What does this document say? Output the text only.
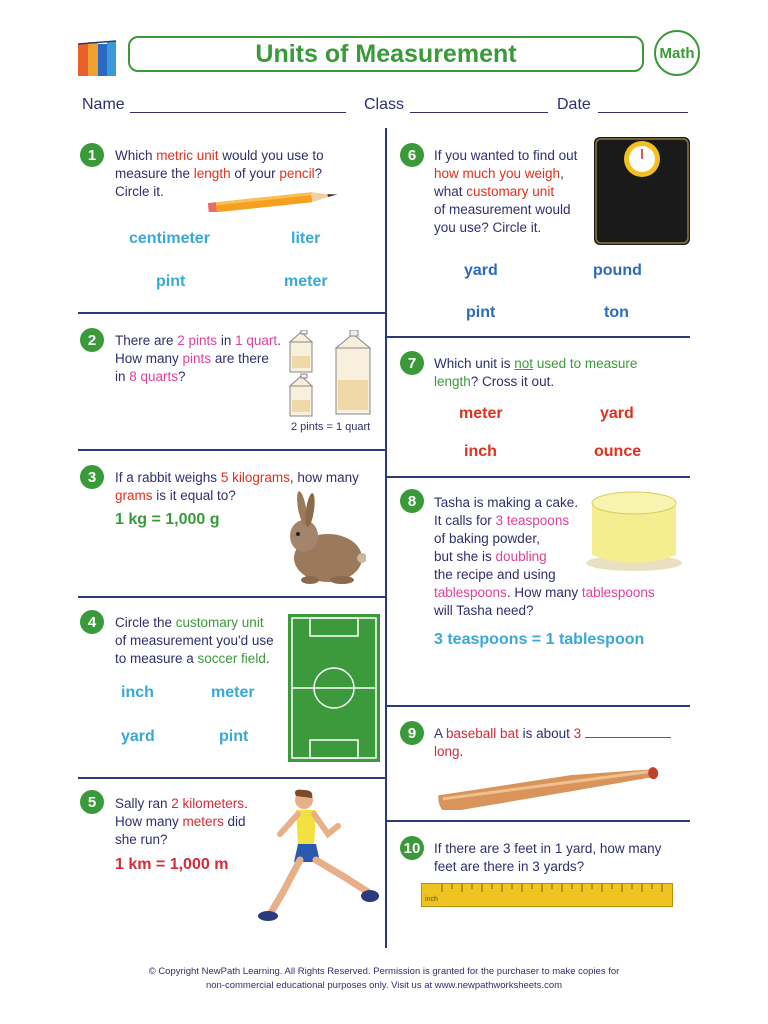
Units of Measurement	Math
Name	Class	Date
1	Which metric unit would you use to
measure the length of your pencil?
Circle it.
centimeter	liter
pint	meter
2	There are 2 pints in 1 quart.
How many pints are there
in 8 quarts?
2 pints = 1 quart
3	If a rabbit weighs 5 kilograms, how many
grams is it equal to?
1 kg = 1,000 g
4	Circle the customary unit
of measurement you'd use
to measure a soccer field.
inch	meter
yard	pint
5	Sally ran 2 kilometers.
How many meters did
she run?
1 km = 1,000 m
6	If you wanted to find out
how much you weigh,
what customary unit
of measurement would
you use? Circle it.
yard	pound
pint	ton
7	Which unit is not used to measure
length? Cross it out.
meter	yard
inch	ounce
8	Tasha is making a cake.
It calls for 3 teaspoons
of baking powder,
but she is doubling
the recipe and using
tablespoons. How many tablespoons
will Tasha need?
3 teaspoons = 1 tablespoon
9	A baseball bat is about 3
long.
10 If there are 3 feet in 1 yard, how many
feet are there in 3 yards?
inch
© Copyright NewPath Learning. All Rights Reserved. Permission is granted for the purchaser to make copies for
non-commercial educational purposes only. Visit us at www.newpathworksheets.com
